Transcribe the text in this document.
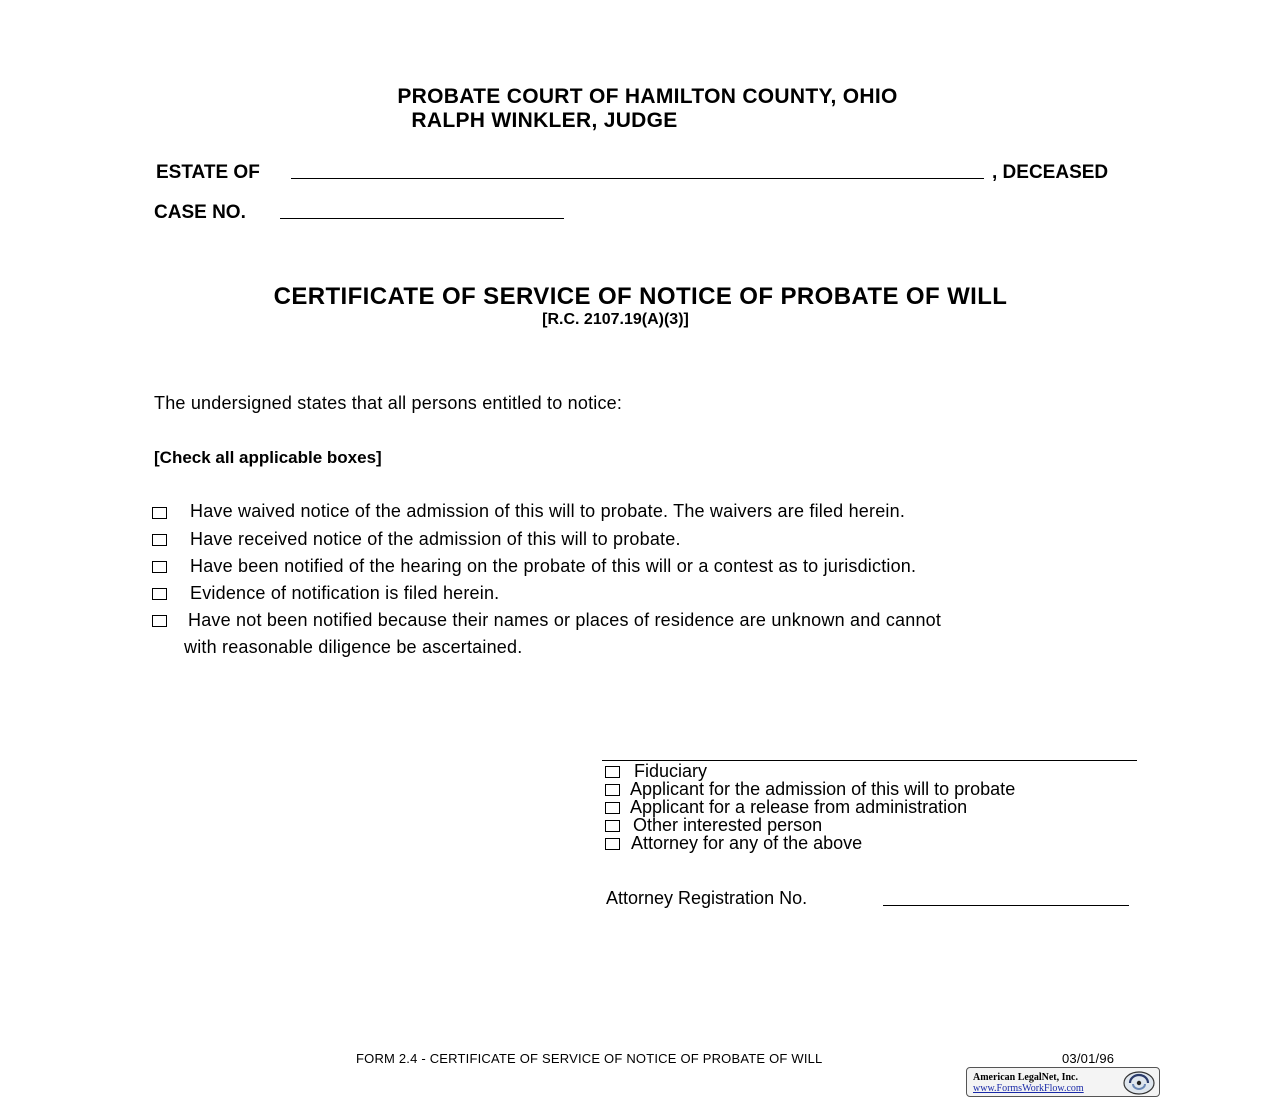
PROBATE COURT OF HAMILTON COUNTY, OHIO
RALPH WINKLER, JUDGE
ESTATE OF	, DECEASED
CASE NO.
CERTIFICATE OF SERVICE OF NOTICE OF PROBATE OF WILL
[R.C. 2107.19(A)(3)]
The undersigned states that all persons entitled to notice:
[Check all applicable boxes]
Have waived notice of the admission of this will to probate. The waivers are filed herein.
Have received notice of the admission of this will to probate.
Have been notified of the hearing on the probate of this will or a contest as to jurisdiction.
Evidence of notification is filed herein.
Have not been notified because their names or places of residence are unknown and cannot
with reasonable diligence be ascertained.
Fiduciary
Applicant for the admission of this will to probate
Applicant for a release from administration
Other interested person
Attorney for any of the above
Attorney Registration No.
FORM 2.4 - CERTIFICATE OF SERVICE OF NOTICE OF PROBATE OF WILL	03/01/96
American LegalNet, Inc.
www.FormsWorkFlow.com
